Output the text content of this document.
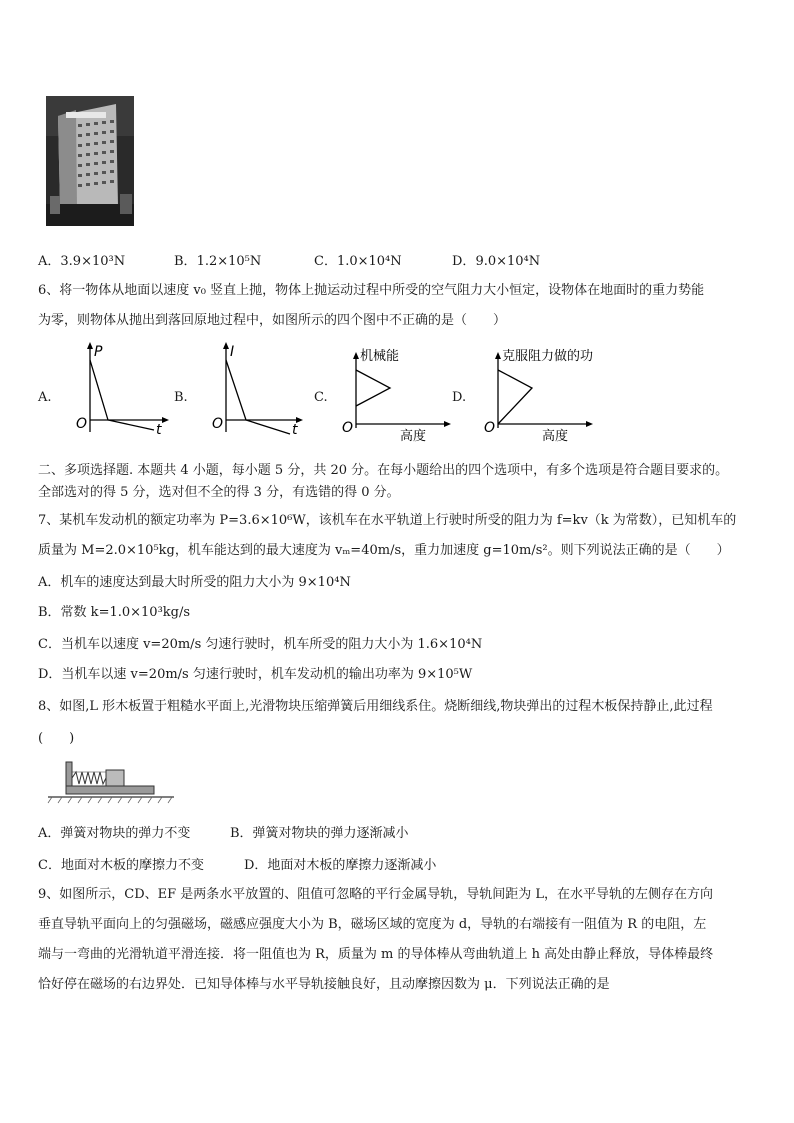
A．3.9×10³N	B．1.2×10⁵N	C．1.0×10⁴N	D．9.0×10⁴N
6、将一物体从地面以速度 v₀ 竖直上抛，物体上抛运动过程中所受的空气阻力大小恒定，设物体在地面时的重力势能
为零，则物体从抛出到落回原地过程中，如图所示的四个图中不正确的是（　　）
A.
P
t
O
B.
I
t
O
C.
机械能
高度
O
D.
克服阻力做的功
高度
O
二、多项选择题. 本题共 4 小题，每小题 5 分，共 20 分。在每小题给出的四个选项中，有多个选项是符合题目要求的。
全部选对的得 5 分，选对但不全的得 3 分，有选错的得 0 分。
7、某机车发动机的额定功率为 P=3.6×10⁶W，该机车在水平轨道上行驶时所受的阻力为 f=kv（k 为常数），已知机车的
质量为 M=2.0×10⁵kg，机车能达到的最大速度为 vₘ=40m/s，重力加速度 g=10m/s²。则下列说法正确的是（　　）
A．机车的速度达到最大时所受的阻力大小为 9×10⁴N
B．常数 k=1.0×10³kg/s
C．当机车以速度 v=20m/s 匀速行驶时，机车所受的阻力大小为 1.6×10⁴N
D．当机车以速 v=20m/s 匀速行驶时，机车发动机的输出功率为 9×10⁵W
8、如图,L 形木板置于粗糙水平面上,光滑物块压缩弹簧后用细线系住。烧断细线,物块弹出的过程木板保持静止,此过程
(　　)
A．弹簧对物块的弹力不变	B．弹簧对物块的弹力逐渐减小
C．地面对木板的摩擦力不变	D．地面对木板的摩擦力逐渐减小
9、如图所示，CD、EF 是两条水平放置的、阻值可忽略的平行金属导轨，导轨间距为 L，在水平导轨的左侧存在方向
垂直导轨平面向上的匀强磁场，磁感应强度大小为 B，磁场区域的宽度为 d，导轨的右端接有一阻值为 R 的电阻，左
端与一弯曲的光滑轨道平滑连接．将一阻值也为 R，质量为 m 的导体棒从弯曲轨道上 h 高处由静止释放，导体棒最终
恰好停在磁场的右边界处．已知导体棒与水平导轨接触良好，且动摩擦因数为 μ．下列说法正确的是
